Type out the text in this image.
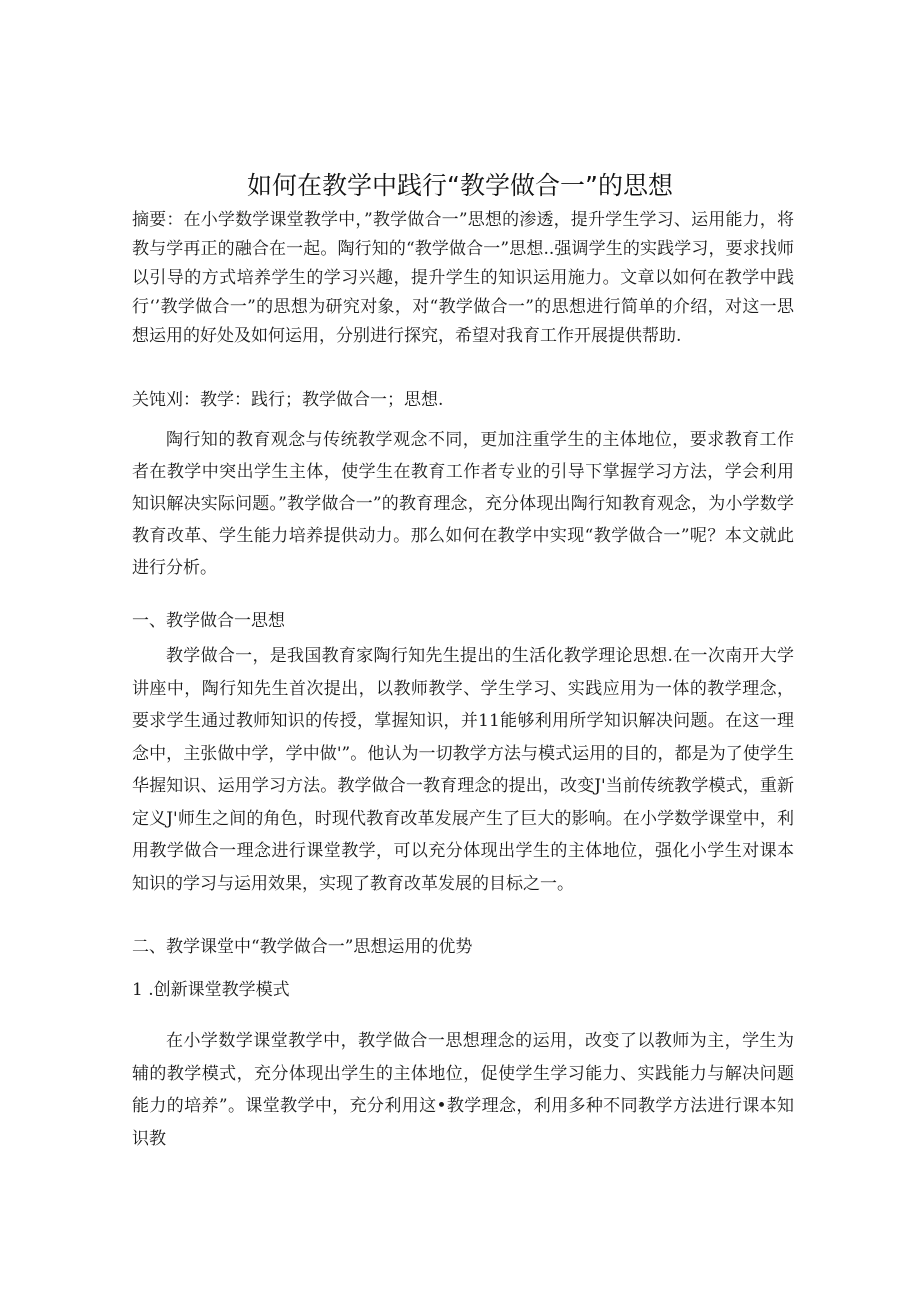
如何在教学中践行“教学做合一”的思想

摘要：在小学数学课堂教学中，”教学做合一”思想的渗透，提升学生学习、运用能力，将教与学再正的融合在一起。陶行知的“教学做合一”思想..强调学生的实践学习，要求找师以引导的方式培养学生的学习兴趣，提升学生的知识运用施力。文章以如何在教学中践行‘’教学做合一”的思想为研究对象，对“教学做合一”的思想进行简单的介绍，对这一思想运用的好处及如何运用，分别进行探究，希望对我育工作开展提供帮助.

关饨刈：教学：践行；教学做合一；思想.

陶行知的教育观念与传统教学观念不同，更加注重学生的主体地位，要求教育工作者在教学中突出学生主体，使学生在教育工作者专业的引导下掌握学习方法，学会利用知识解决实际问题。”教学做合一”的教育理念，充分体现出陶行知教育观念，为小学数学教育改革、学生能力培养提供动力。那么如何在教学中实现“教学做合一”呢？本文就此进行分析。

一、教学做合一思想

教学做合一，是我国教育家陶行知先生提出的生活化教学理论思想.在一次南开大学讲座中，陶行知先生首次提出，以教师教学、学生学习、实践应用为一体的教学理念，要求学生通过教师知识的传授，掌握知识，并11能够利用所学知识解决问题。在这一理念中，主张做中学，学中做'”。他认为一切教学方法与模式运用的目的，都是为了使学生华握知识、运用学习方法。教学做合一教育理念的提出，改变J'当前传统教学模式，重新定义J'师生之间的角色，时现代教育改革发展产生了巨大的影响。在小学数学课堂中，利用教学做合一理念进行课堂教学，可以充分体现出学生的主体地位，强化小学生对课本知识的学习与运用效果，实现了教育改革发展的目标之一。

二、教学课堂中“教学做合一”思想运用的优势

1 .创新课堂教学模式

在小学数学课堂教学中，教学做合一思想理念的运用，改变了以教师为主，学生为辅的教学模式，充分体现出学生的主体地位，促使学生学习能力、实践能力与解决问题能力的培养”。课堂教学中，充分利用这•教学理念，利用多种不同教学方法进行课本知识教
